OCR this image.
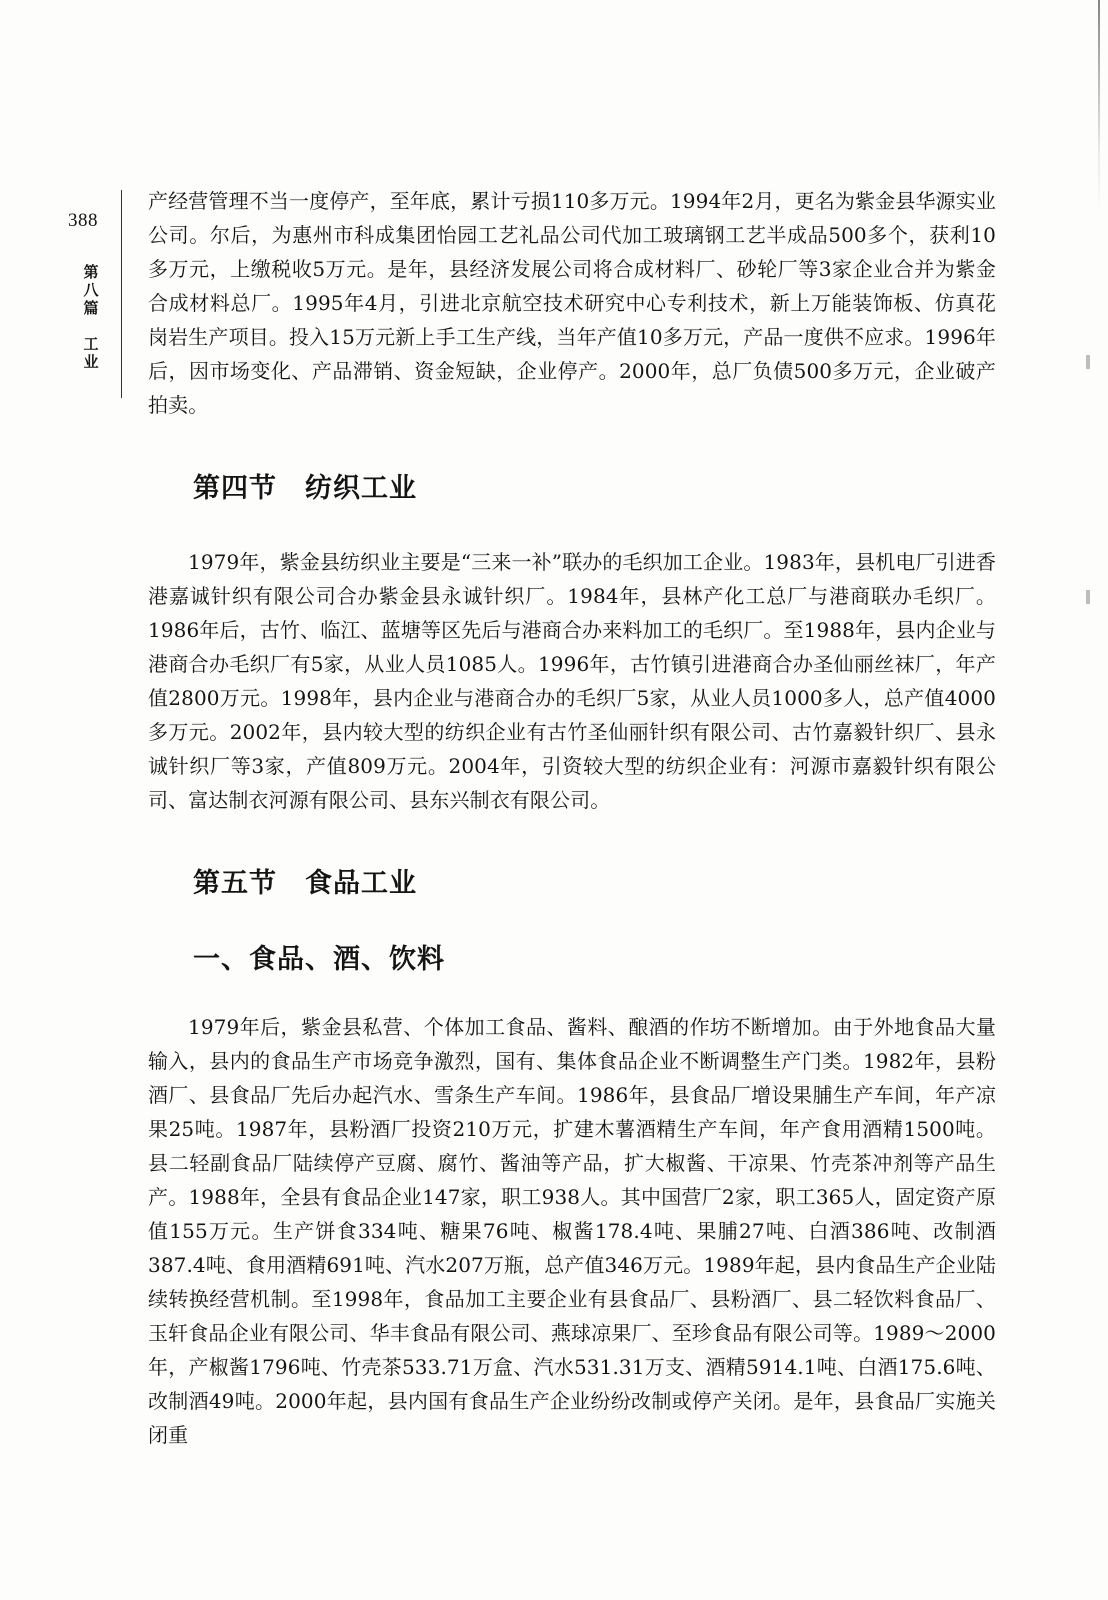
388
第
八
篇
工
业

产经营管理不当一度停产，至年底，累计亏损110多万元。1994年2月，更名为紫金县华源实业公司。尔后，为惠州市科成集团怡园工艺礼品公司代加工玻璃钢工艺半成品500多个，获利10多万元，上缴税收5万元。是年，县经济发展公司将合成材料厂、砂轮厂等3家企业合并为紫金合成材料总厂。1995年4月，引进北京航空技术研究中心专利技术，新上万能装饰板、仿真花岗岩生产项目。投入15万元新上手工生产线，当年产值10多万元，产品一度供不应求。1996年后，因市场变化、产品滞销、资金短缺，企业停产。2000年，总厂负债500多万元，企业破产拍卖。

第四节　纺织工业

1979年，紫金县纺织业主要是“三来一补”联办的毛织加工企业。1983年，县机电厂引进香港嘉诚针织有限公司合办紫金县永诚针织厂。1984年，县林产化工总厂与港商联办毛织厂。1986年后，古竹、临江、蓝塘等区先后与港商合办来料加工的毛织厂。至1988年，县内企业与港商合办毛织厂有5家，从业人员1085人。1996年，古竹镇引进港商合办圣仙丽丝袜厂，年产值2800万元。1998年，县内企业与港商合办的毛织厂5家，从业人员1000多人，总产值4000多万元。2002年，县内较大型的纺织企业有古竹圣仙丽针织有限公司、古竹嘉毅针织厂、县永诚针织厂等3家，产值809万元。2004年，引资较大型的纺织企业有：河源市嘉毅针织有限公司、富达制衣河源有限公司、县东兴制衣有限公司。

第五节　食品工业
一、食品、酒、饮料

1979年后，紫金县私营、个体加工食品、酱料、酿酒的作坊不断增加。由于外地食品大量输入，县内的食品生产市场竞争激烈，国有、集体食品企业不断调整生产门类。1982年，县粉酒厂、县食品厂先后办起汽水、雪条生产车间。1986年，县食品厂增设果脯生产车间，年产凉果25吨。1987年，县粉酒厂投资210万元，扩建木薯酒精生产车间，年产食用酒精1500吨。县二轻副食品厂陆续停产豆腐、腐竹、酱油等产品，扩大椒酱、干凉果、竹壳茶冲剂等产品生产。1988年，全县有食品企业147家，职工938人。其中国营厂2家，职工365人，固定资产原值155万元。生产饼食334吨、糖果76吨、椒酱178.4吨、果脯27吨、白酒386吨、改制酒387.4吨、食用酒精691吨、汽水207万瓶，总产值346万元。1989年起，县内食品生产企业陆续转换经营机制。至1998年，食品加工主要企业有县食品厂、县粉酒厂、县二轻饮料食品厂、玉轩食品企业有限公司、华丰食品有限公司、燕球凉果厂、至珍食品有限公司等。1989～2000年，产椒酱1796吨、竹壳茶533.71万盒、汽水531.31万支、酒精5914.1吨、白酒175.6吨、改制酒49吨。2000年起，县内国有食品生产企业纷纷改制或停产关闭。是年，县食品厂实施关闭重
